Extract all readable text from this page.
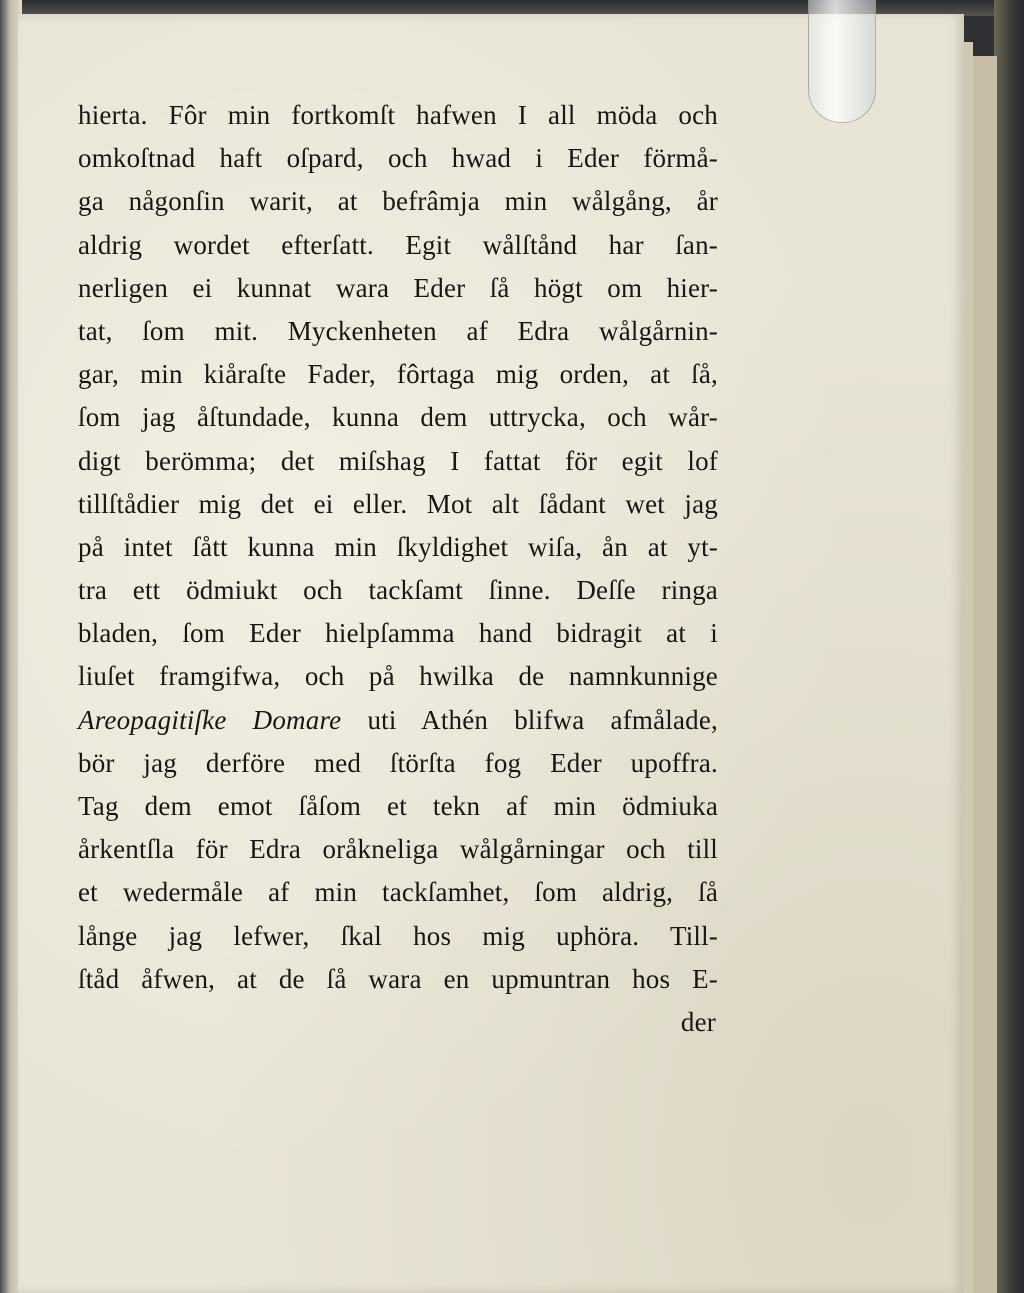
hierta. Fôr min fortkomſt hafwen I all möda och
omkoſtnad haft oſpard, och hwad i Eder förmå-
ga någonſin warit, at befrâmja min wålgång, år
aldrig wordet efterſatt. Egit wålſtånd har ſan-
nerligen ei kunnat wara Eder ſå högt om hier-
tat, ſom mit. Myckenheten af Edra wålgårnin-
gar, min kiåraſte Fader, fôrtaga mig orden, at ſå,
ſom jag åſtundade, kunna dem uttrycka, och wår-
digt berömma; det miſshag I fattat för egit lof
tillſtådier mig det ei eller. Mot alt ſådant wet jag
på intet ſått kunna min ſkyldighet wiſa, ån at yt-
tra ett ödmiukt och tackſamt ſinne. Deſſe ringa
bladen, ſom Eder hielpſamma hand bidragit at i
liuſet framgifwa, och på hwilka de namnkunnige
Areopagitiſke Domare uti Athén blifwa afmålade,
bör jag derföre med ſtörſta fog Eder upoffra.
Tag dem emot ſåſom et tekn af min ödmiuka
årkentſla för Edra oråkneliga wålgårningar och till
et wedermåle af min tackſamhet, ſom aldrig, ſå
långe jag lefwer, ſkal hos mig uphöra. Till-
ſtåd åfwen, at de ſå wara en upmuntran hos E-
der
